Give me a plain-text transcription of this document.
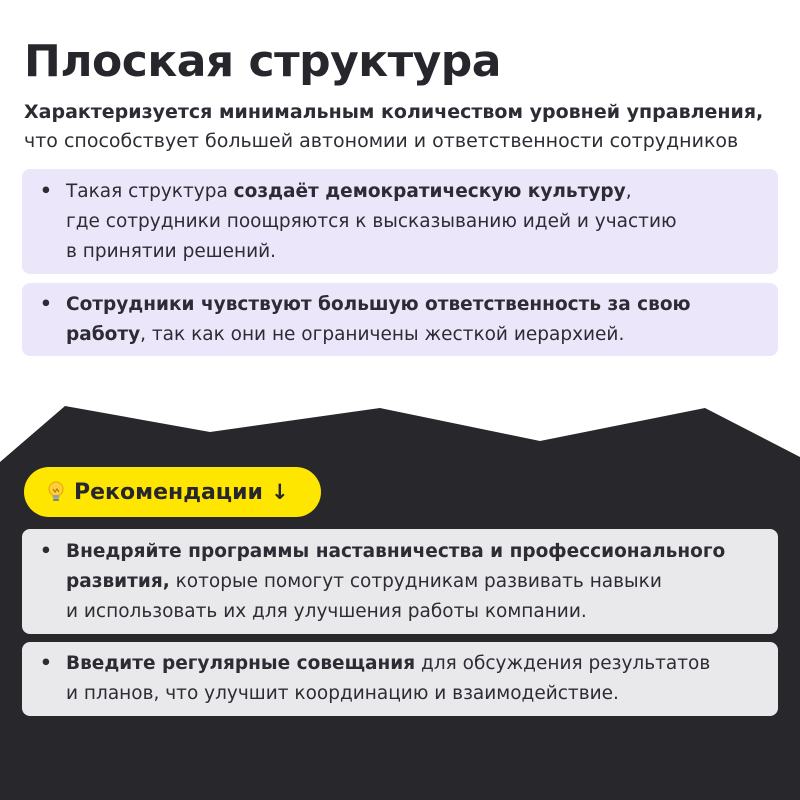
Плоская структура
Характеризуется минимальным количеством уровней управления,
что способствует большей автономии и ответственности сотрудников
• Такая структура создаёт демократическую культуру,
где сотрудники поощряются к высказыванию идей и участию
в принятии решений.
• Сотрудники чувствуют большую ответственность за свою
работу, так как они не ограничены жесткой иерархией.
Рекомендации ↓
• Внедряйте программы наставничества и профессионального
развития, которые помогут сотрудникам развивать навыки
и использовать их для улучшения работы компании.
• Введите регулярные совещания для обсуждения результатов
и планов, что улучшит координацию и взаимодействие.
